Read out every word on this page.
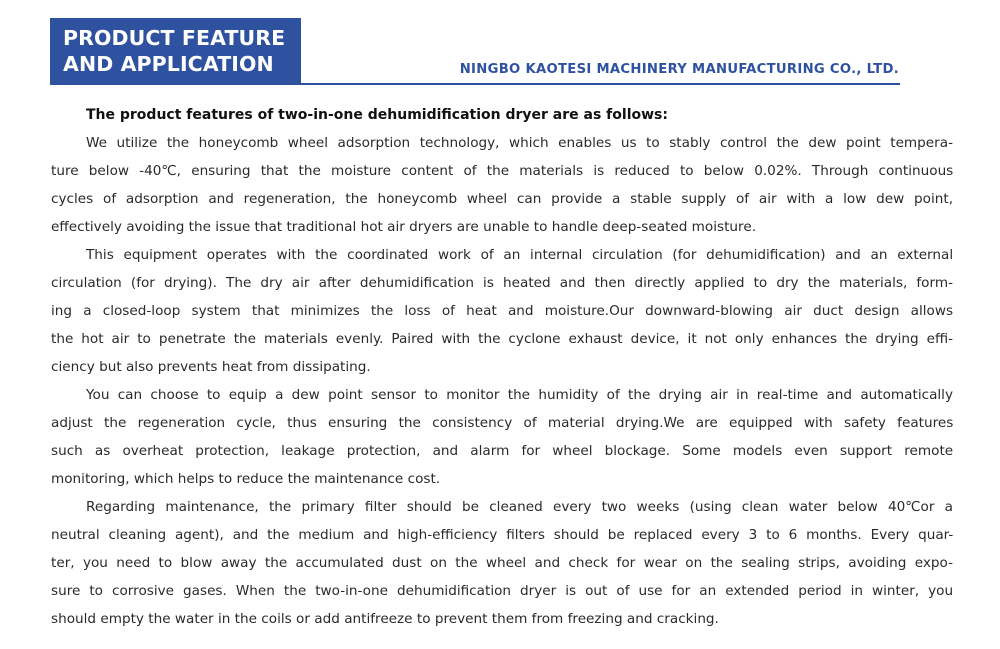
PRODUCT FEATURE
AND APPLICATION	NINGBO KAOTESI MACHINERY MANUFACTURING CO., LTD.
The product features of two-in-one dehumidification dryer are as follows:
We utilize the honeycomb wheel adsorption technology, which enables us to stably control the dew point tempera-
ture below -40℃, ensuring that the moisture content of the materials is reduced to below 0.02%. Through continuous
cycles of adsorption and regeneration, the honeycomb wheel can provide a stable supply of air with a low dew point,
effectively avoiding the issue that traditional hot air dryers are unable to handle deep-seated moisture.
This equipment operates with the coordinated work of an internal circulation (for dehumidification) and an external
circulation (for drying). The dry air after dehumidification is heated and then directly applied to dry the materials, form-
ing a closed-loop system that minimizes the loss of heat and moisture.Our downward-blowing air duct design allows
the hot air to penetrate the materials evenly. Paired with the cyclone exhaust device, it not only enhances the drying effi-
ciency but also prevents heat from dissipating.
You can choose to equip a dew point sensor to monitor the humidity of the drying air in real-time and automatically
adjust the regeneration cycle, thus ensuring the consistency of material drying.We are equipped with safety features
such as overheat protection, leakage protection, and alarm for wheel blockage. Some models even support remote
monitoring, which helps to reduce the maintenance cost.
Regarding maintenance, the primary filter should be cleaned every two weeks (using clean water below 40℃or a
neutral cleaning agent), and the medium and high-efficiency filters should be replaced every 3 to 6 months. Every quar-
ter, you need to blow away the accumulated dust on the wheel and check for wear on the sealing strips, avoiding expo-
sure to corrosive gases. When the two-in-one dehumidification dryer is out of use for an extended period in winter, you
should empty the water in the coils or add antifreeze to prevent them from freezing and cracking.
